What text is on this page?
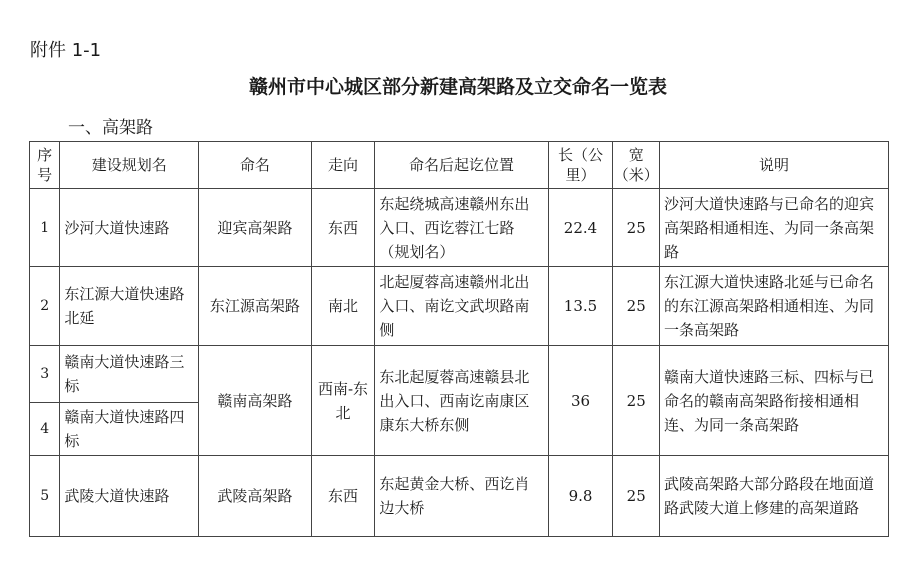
附件 1-1
赣州市中心城区部分新建高架路及立交命名一览表
一、高架路
序号	建设规划名	命名	走向	命名后起讫位置	长（公里）	宽（米）	说明
1	沙河大道快速路	迎宾高架路	东西	东起绕城高速赣州东出入口、西讫蓉江七路（规划名）	22.4	25	沙河大道快速路与已命名的迎宾高架路相通相连、为同一条高架路
2	东江源大道快速路北延	东江源高架路	南北	北起厦蓉高速赣州北出入口、南讫文武坝路南侧	13.5	25	东江源大道快速路北延与已命名的东江源高架路相通相连、为同一条高架路
3	赣南大道快速路三标	赣南高架路	西南-东北	东北起厦蓉高速赣县北出入口、西南讫南康区康东大桥东侧	36	25	赣南大道快速路三标、四标与已命名的赣南高架路衔接相通相连、为同一条高架路
4	赣南大道快速路四标						
5	武陵大道快速路	武陵高架路	东西	东起黄金大桥、西讫肖边大桥	9.8	25	武陵高架路大部分路段在地面道路武陵大道上修建的高架道路
